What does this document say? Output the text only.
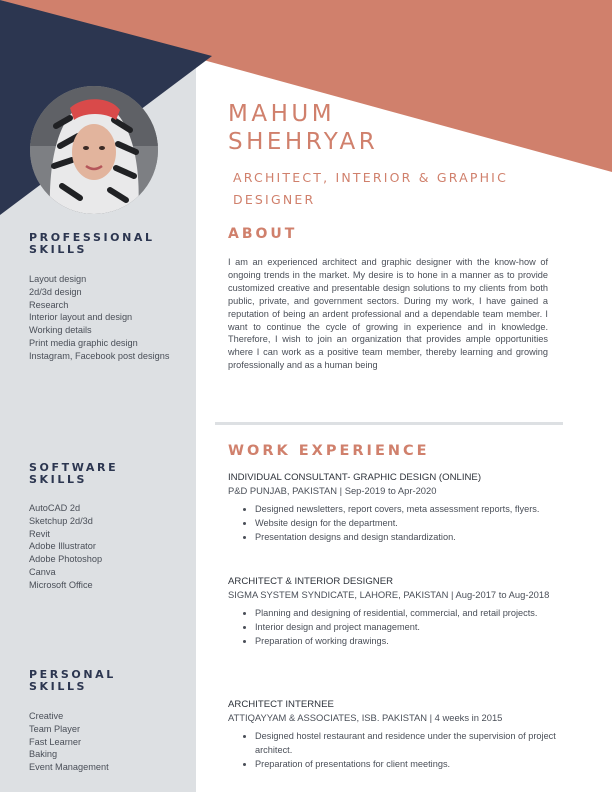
MAHUM
SHEHRYAR
ARCHITECT, INTERIOR & GRAPHIC DESIGNER
ABOUT
I am an experienced architect and graphic designer with the know-how of ongoing trends in the market. My desire is to hone in a manner as to provide customized creative and presentable design solutions to my clients from both public, private, and government sectors. During my work, I have gained a reputation of being an ardent professional and a dependable team member. I want to continue the cycle of growing in experience and in knowledge. Therefore, I wish to join an organization that provides ample opportunities where I can work as a positive team member, thereby learning and growing professionally and as a human being
WORK EXPERIENCE
INDIVIDUAL CONSULTANT- GRAPHIC DESIGN (ONLINE)
P&D PUNJAB, PAKISTAN | Sep-2019 to Apr-2020
• Designed newsletters, report covers, meta assessment reports, flyers.
• Website design for the department.
• Presentation designs and design standardization.
ARCHITECT & INTERIOR DESIGNER
SIGMA SYSTEM SYNDICATE, LAHORE, PAKISTAN | Aug-2017 to Aug-2018
• Planning and designing of residential, commercial, and retail projects.
• Interior design and project management.
• Preparation of working drawings.
ARCHITECT INTERNEE
ATTIQAYYAM & ASSOCIATES, ISB. PAKISTAN | 4 weeks in 2015
• Designed hostel restaurant and residence under the supervision of project architect.
• Preparation of presentations for client meetings.
PROFESSIONAL
SKILLS
Layout design
2d/3d design
Research
Interior layout and design
Working details
Print media graphic design
Instagram, Facebook post designs
SOFTWARE
SKILLS
AutoCAD 2d
Sketchup 2d/3d
Revit
Adobe Illustrator
Adobe Photoshop
Canva
Microsoft Office
PERSONAL
SKILLS
Creative
Team Player
Fast Learner
Baking
Event Management
